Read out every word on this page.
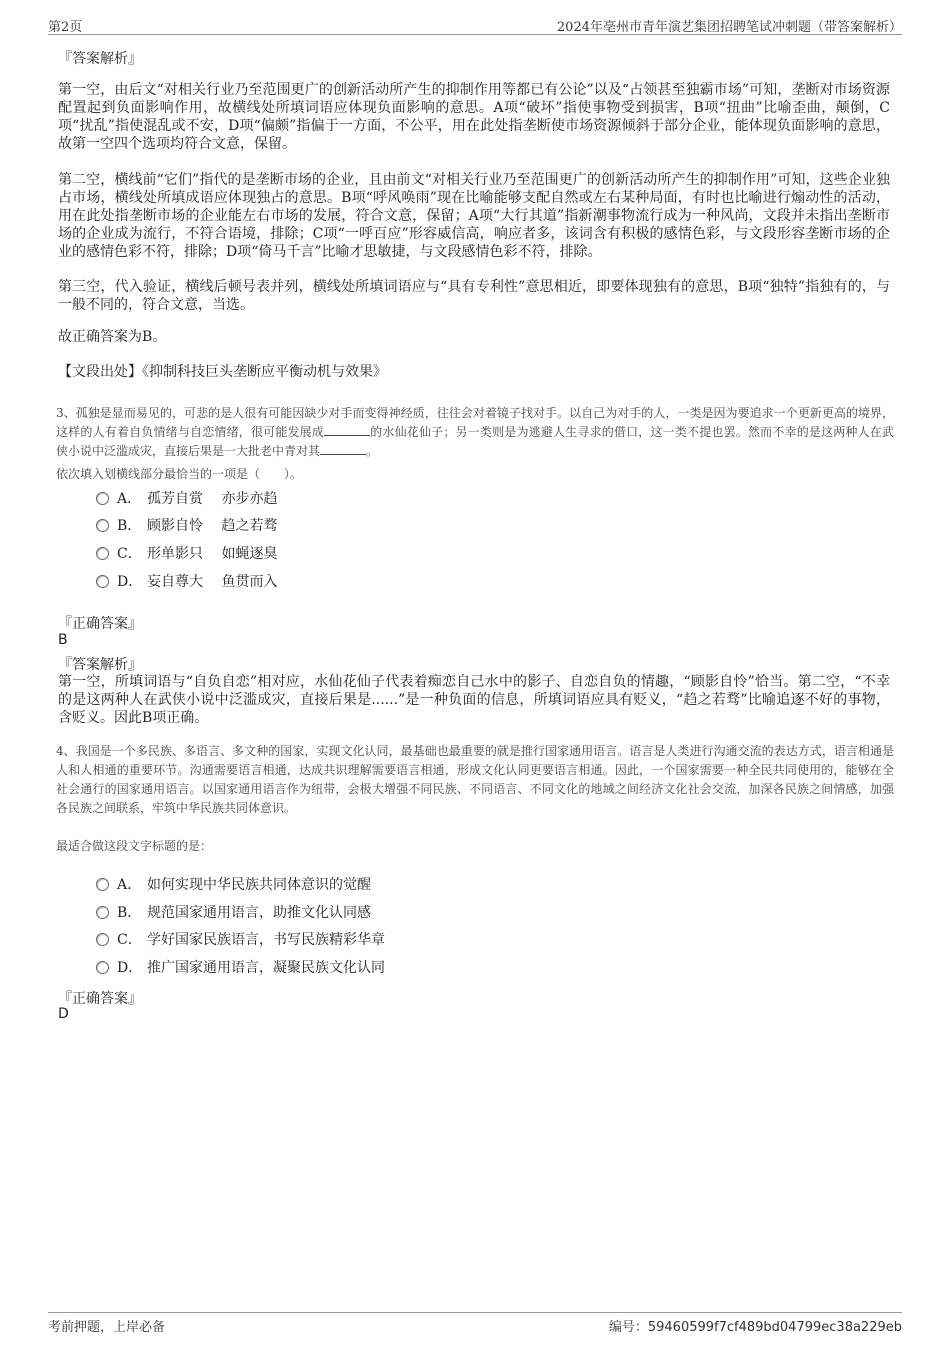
第2页	2024年亳州市青年演艺集团招聘笔试冲刺题（带答案解析）
『答案解析』
第一空，由后文“对相关行业乃至范围更广的创新活动所产生的抑制作用等都已有公论”以及“占领甚至独霸市场”可知，垄断对市场资源配置起到负面影响作用，故横线处所填词语应体现负面影响的意思。A项“破坏”指使事物受到损害，B项“扭曲”比喻歪曲，颠倒，C项“扰乱”指使混乱或不安，D项“偏颇”指偏于一方面，不公平，用在此处指垄断使市场资源倾斜于部分企业，能体现负面影响的意思，故第一空四个选项均符合文意，保留。
第二空，横线前“它们”指代的是垄断市场的企业，且由前文“对相关行业乃至范围更广的创新活动所产生的抑制作用”可知，这些企业独占市场，横线处所填成语应体现独占的意思。B项“呼风唤雨”现在比喻能够支配自然或左右某种局面，有时也比喻进行煽动性的活动，用在此处指垄断市场的企业能左右市场的发展，符合文意，保留；A项“大行其道”指新潮事物流行成为一种风尚，文段并未指出垄断市场的企业成为流行，不符合语境，排除；C项“一呼百应”形容威信高，响应者多，该词含有积极的感情色彩，与文段形容垄断市场的企业的感情色彩不符，排除；D项“倚马千言”比喻才思敏捷，与文段感情色彩不符，排除。
第三空，代入验证，横线后顿号表并列，横线处所填词语应与“具有专利性”意思相近，即要体现独有的意思，B项“独特”指独有的，与一般不同的，符合文意，当选。
故正确答案为B。
【文段出处】《抑制科技巨头垄断应平衡动机与效果》
3、孤独是显而易见的，可悲的是人很有可能因缺少对手而变得神经质，往往会对着镜子找对手。以自己为对手的人，一类是因为要追求一个更新更高的境界，这样的人有着自负情绪与自恋情绪，很可能发展成	的水仙花仙子；另一类则是为逃避人生寻求的借口，这一类不提也罢。然而不幸的是这两种人在武侠小说中泛滥成灾，直接后果是一大批老中青对其	。
依次填入划横线部分最恰当的一项是（　　）。
A． 孤芳自赏　 亦步亦趋
B． 顾影自怜　 趋之若骛
C． 形单影只　 如蝇逐臭
D． 妄自尊大　 鱼贯而入
『正确答案』
B
『答案解析』
第一空，所填词语与“自负自恋”相对应，水仙花仙子代表着痴恋自己水中的影子、自恋自负的情趣，“顾影自怜”恰当。第二空，“不幸的是这两种人在武侠小说中泛滥成灾，直接后果是......”是一种负面的信息，所填词语应具有贬义，“趋之若骛”比喻追逐不好的事物，含贬义。因此B项正确。
4、我国是一个多民族、多语言、多文种的国家，实现文化认同，最基础也最重要的就是推行国家通用语言。语言是人类进行沟通交流的表达方式，语言相通是人和人相通的重要环节。沟通需要语言相通，达成共识理解需要语言相通，形成文化认同更要语言相通。因此，一个国家需要一种全民共同使用的，能够在全社会通行的国家通用语言。以国家通用语言作为纽带，会极大增强不同民族、不同语言、不同文化的地域之间经济文化社会交流，加深各民族之间情感，加强各民族之间联系，牢筑中华民族共同体意识。
最适合做这段文字标题的是：
A． 如何实现中华民族共同体意识的觉醒
B． 规范国家通用语言，助推文化认同感
C． 学好国家民族语言，书写民族精彩华章
D． 推广国家通用语言，凝聚民族文化认同
『正确答案』
D
考前押题，上岸必备	编号：59460599f7cf489bd04799ec38a229eb
